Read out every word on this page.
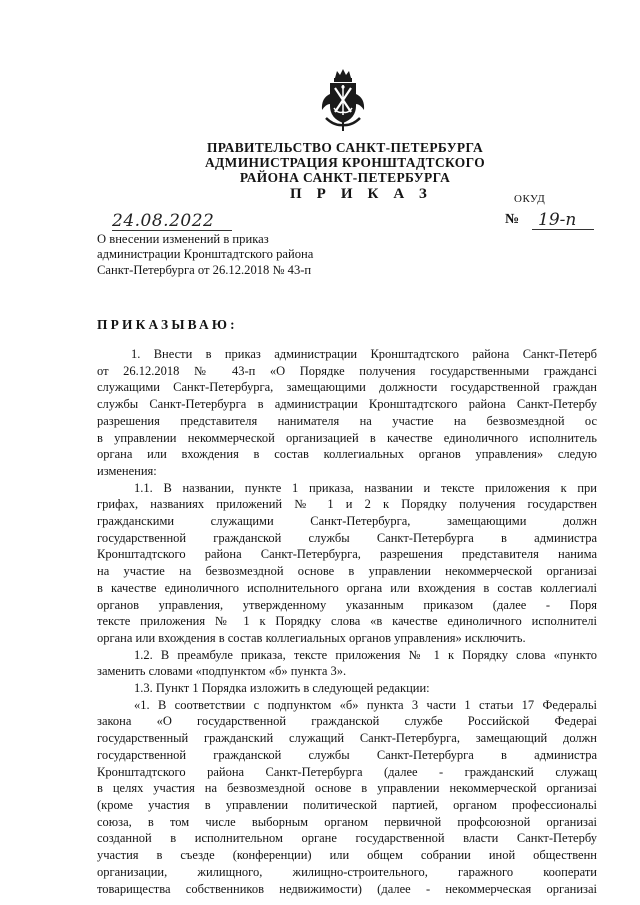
ПРАВИТЕЛЬСТВО САНКТ-ПЕТЕРБУРГА
АДМИНИСТРАЦИЯ КРОНШТАДТСКОГО
РАЙОНА САНКТ-ПЕТЕРБУРГА
ПРИКАЗ	ОКУД
24.08.2022	№	19-п
О внесении изменений в приказ
администрации Кронштадтского района
Санкт-Петербурга от 26.12.2018 № 43-п
ПРИКАЗЫВАЮ:
1. Внести в приказ администрации Кронштадтского района Санкт-Петерб
от 26.12.2018 № 43-п «О Порядке получения государственными граждансі
служащими Санкт-Петербурга, замещающими должности государственной граждан
службы Санкт-Петербурга в администрации Кронштадтского района Санкт-Петербу
разрешения представителя нанимателя на участие на безвозмездной ос
в управлении некоммерческой организацией в качестве единоличного исполнитель
органа или вхождения в состав коллегиальных органов управления» следую
изменения:
1.1. В названии, пункте 1 приказа, названии и тексте приложения к при
грифах, названиях приложений № 1 и 2 к Порядку получения государствен
гражданскими служащими Санкт-Петербурга, замещающими должн
государственной гражданской службы Санкт-Петербурга в администра
Кронштадтского района Санкт-Петербурга, разрешения представителя нанима
на участие на безвозмездной основе в управлении некоммерческой организаі
в качестве единоличного исполнительного органа или вхождения в состав коллегиалі
органов управления, утвержденному указанным приказом (далее - Поря
тексте приложения № 1 к Порядку слова «в качестве единоличного исполнителі
органа или вхождения в состав коллегиальных органов управления» исключить.
1.2. В преамбуле приказа, тексте приложения № 1 к Порядку слова «пункто
заменить словами «подпунктом «б» пункта 3».
1.3. Пункт 1 Порядка изложить в следующей редакции:
«1. В соответствии с подпунктом «б» пункта 3 части 1 статьи 17 Федеральі
закона «О государственной гражданской службе Российской Федераі
государственный гражданский служащий Санкт-Петербурга, замещающий должн
государственной гражданской службы Санкт-Петербурга в администра
Кронштадтского района Санкт-Петербурга (далее - гражданский служащ
в целях участия на безвозмездной основе в управлении некоммерческой организаі
(кроме участия в управлении политической партией, органом профессиональі
союза, в том числе выборным органом первичной профсоюзной организаі
созданной в исполнительном органе государственной власти Санкт-Петербу
участия в съезде (конференции) или общем собрании иной общественн
организации, жилищного, жилищно-строительного, гаражного кооперати
товарищества собственников недвижимости) (далее - некоммерческая организаі
